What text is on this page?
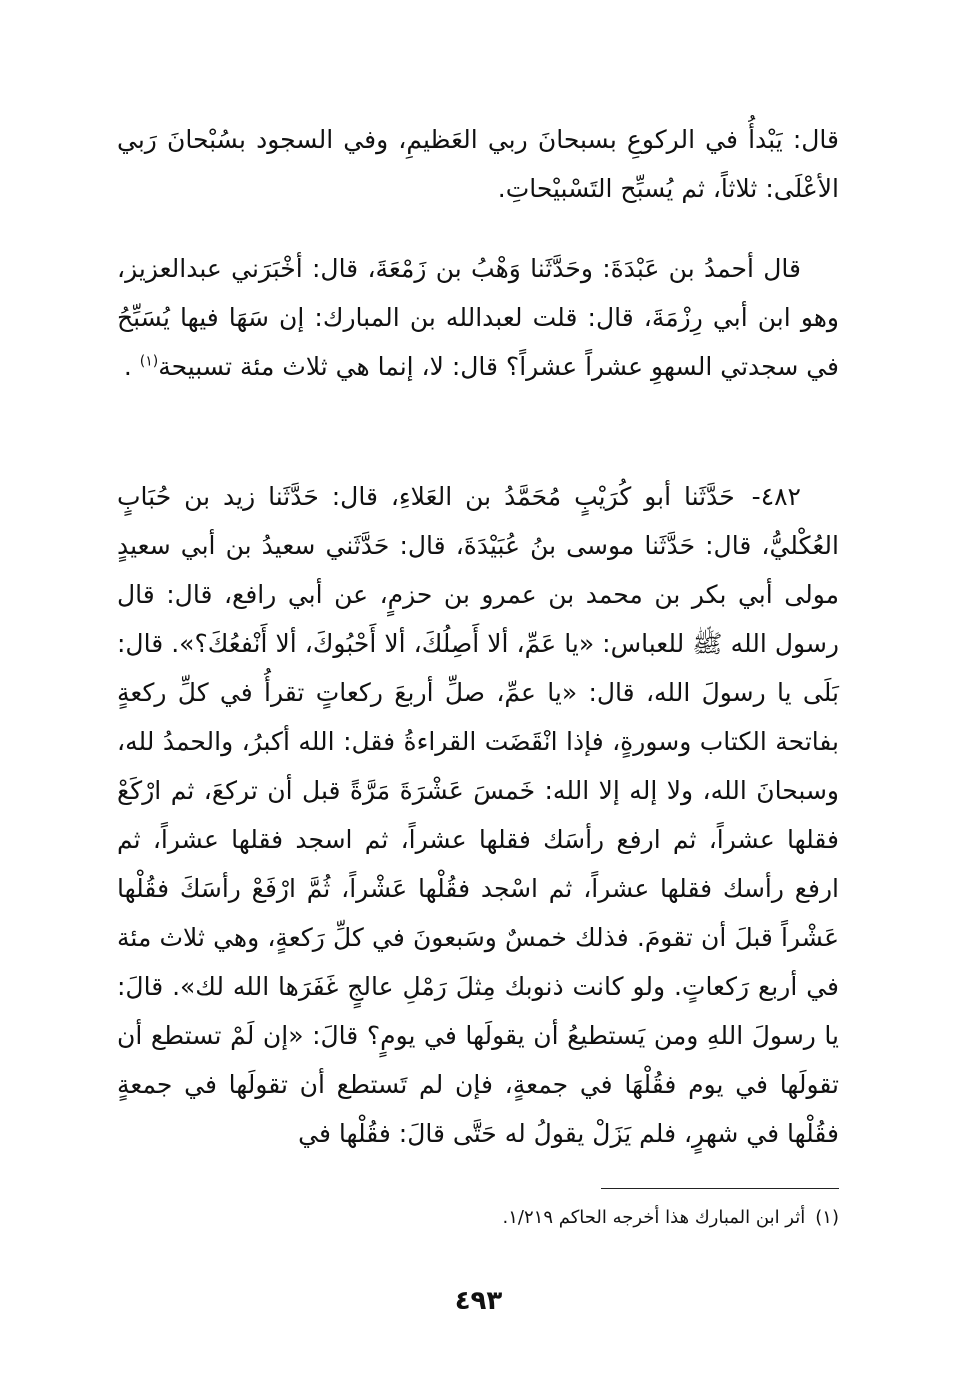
قال: يَبْدأُ في الركوعِ بسبحانَ ربي العَظيمِ، وفي السجود بسُبْحانَ رَبي الأعْلَى: ثلاثاً، ثم يُسبِّح التَسْبيْحاتِ.

قال أحمدُ بن عَبْدَةَ: وحَدَّثَنا وَهْبُ بن زَمْعَةَ، قال: أخْبَرَني عبدالعزيز، وهو ابن أبي رِزْمَةَ، قال: قلت لعبدالله بن المبارك: إن سَهَا فيها يُسَبِّحُ في سجدتي السهوِ عشراً عشراً؟ قال: لا، إنما هي ثلاث مئة تسبيحة$^{(١)}$ .

٤٨٢- حَدَّثَنا أبو كُرَيْبٍ مُحَمَّدُ بن العَلاءِ، قال: حَدَّثَنا زيد بن حُبَابٍ العُكْليُّ، قال: حَدَّثَنا موسى بنُ عُبَيْدَةَ، قال: حَدَّثَني سعيدُ بن أبي سعيدٍ مولى أبي بكر بن محمد بن عمرو بن حزمٍ، عن أبي رافع، قال: قال رسول الله ﷺ للعباس: «يا عَمِّ، ألا أَصِلُكَ، ألا أَحْبُوكَ، ألا أَنْفعُكَ؟». قال: بَلَى يا رسولَ الله، قال: «يا عمِّ، صلِّ أربعَ ركعاتٍ تقرأُ في كلِّ ركعةٍ بفاتحة الكتاب وسورةٍ، فإذا انْقَضَت القراءةُ فقل: الله أكبرُ، والحمدُ لله، وسبحانَ الله، ولا إله إلا الله: خَمسَ عَشْرَةَ مَرَّةً قبل أن تركعَ، ثم ارْكَعْ فقلها عشراً، ثم ارفع رأسَك فقلها عشراً، ثم اسجد فقلها عشراً، ثم ارفع رأسك فقلها عشراً، ثم اسْجد فقُلْها عَشْراً، ثُمَّ ارْفَعْ رأسَكَ فقُلْها عَشْراً قبلَ أن تقومَ. فذلك خمسٌ وسَبعونَ في كلِّ رَكعةٍ، وهي ثلاث مئة في أربع رَكعاتٍ. ولو كانت ذنوبك مِثلَ رَمْلِ عالجٍ غَفَرَها الله لك». قالَ: يا رسولَ اللهِ ومن يَستطيعُ أن يقولَها في يومٍ؟ قالَ: «إن لَمْ تستطع أن تقولَها في يوم فقُلْهَا في جمعةٍ، فإن لم تَستطع أن تقولَها في جمعةٍ فقُلْها في شهرٍ، فلم يَزَلْ يقولُ له حَتَّى قالَ: فقُلْها في

(١)أثر ابن المبارك هذا أخرجه الحاكم ١/٢١٩.
٤٩٣
